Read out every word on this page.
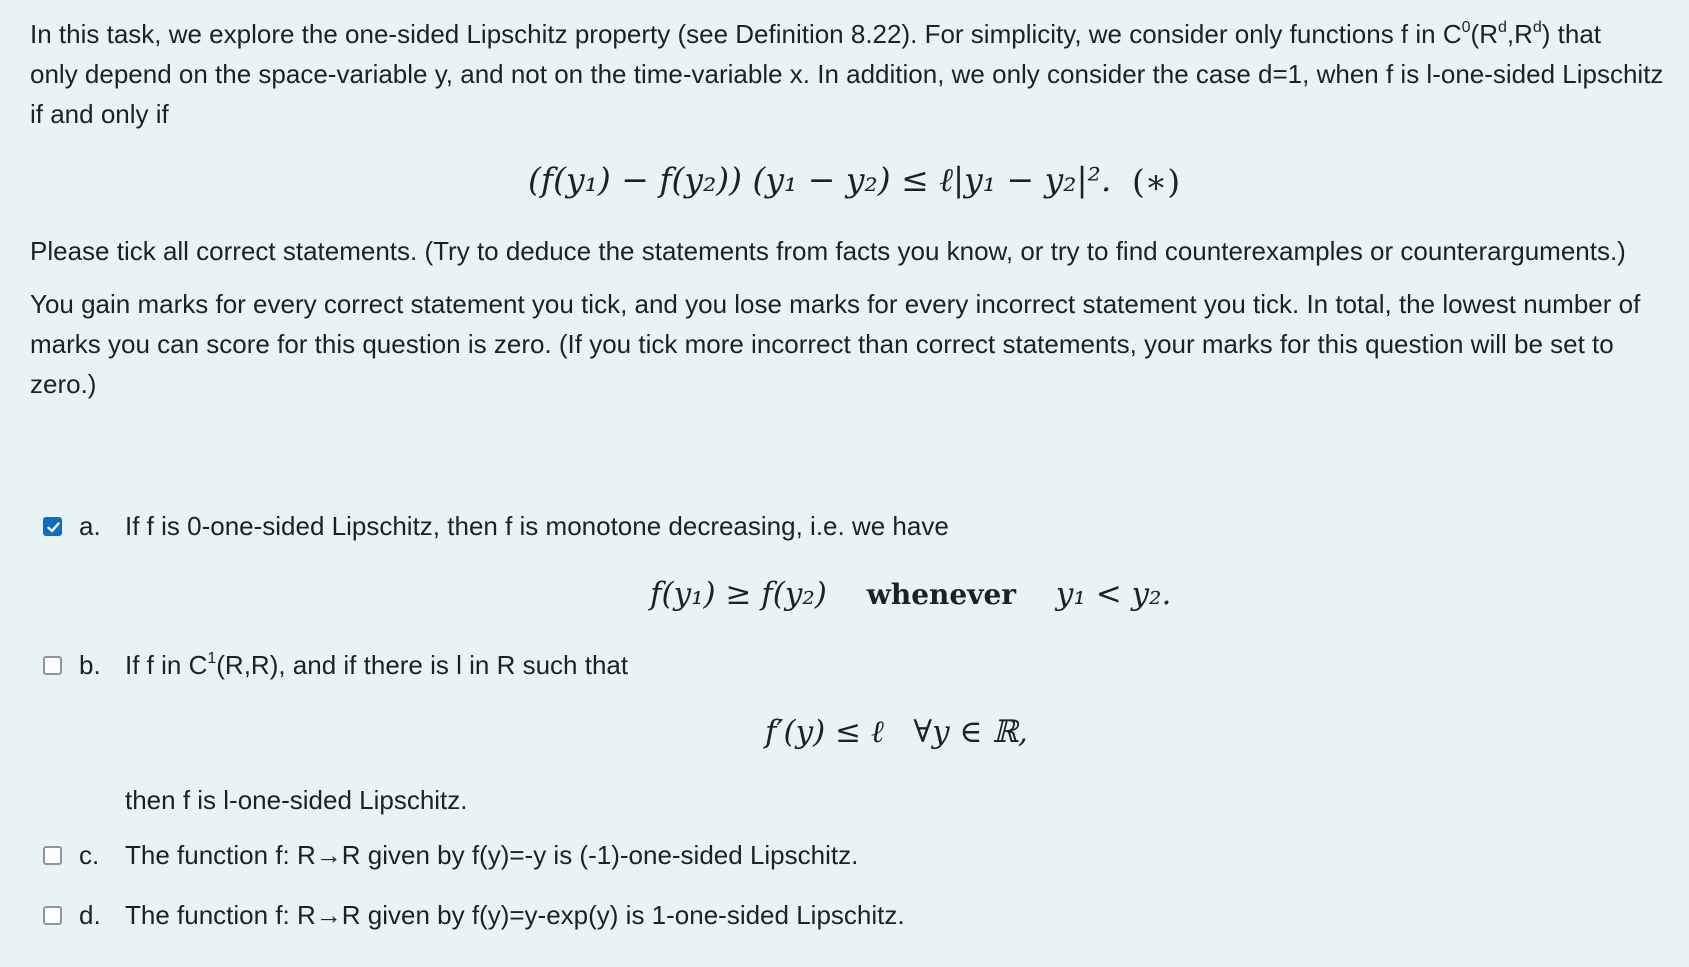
In this task, we explore the one-sided Lipschitz property (see Definition 8.22). For simplicity, we consider only functions f in $C^0(R^d,R^d)$ that
only depend on the space-variable y, and not on the time-variable x. In addition, we only consider the case d=1, when f is l-one-sided Lipschitz
if and only if
(f(y₁) − f(y₂)) (y₁ − y₂) ≤ ℓ|y₁ − y₂|². (∗)
Please tick all correct statements. (Try to deduce the statements from facts you know, or try to find counterexamples or counterarguments.)
You gain marks for every correct statement you tick, and you lose marks for every incorrect statement you tick. In total, the lowest number of
marks you can score for this question is zero. (If you tick more incorrect than correct statements, your marks for this question will be set to
zero.)
a. If f is 0-one-sided Lipschitz, then f is monotone decreasing, i.e. we have
f(y₁) ≥ f(y₂) whenever y₁ < y₂.
b. If f in $C^1(R,R)$, and if there is l in R such that
f′(y) ≤ ℓ   ∀y ∈ ℝ,
then f is l-one-sided Lipschitz.
c. The function f: R→R given by f(y)=-y is (-1)-one-sided Lipschitz.
d. The function f: R→R given by f(y)=y-exp(y) is 1-one-sided Lipschitz.
